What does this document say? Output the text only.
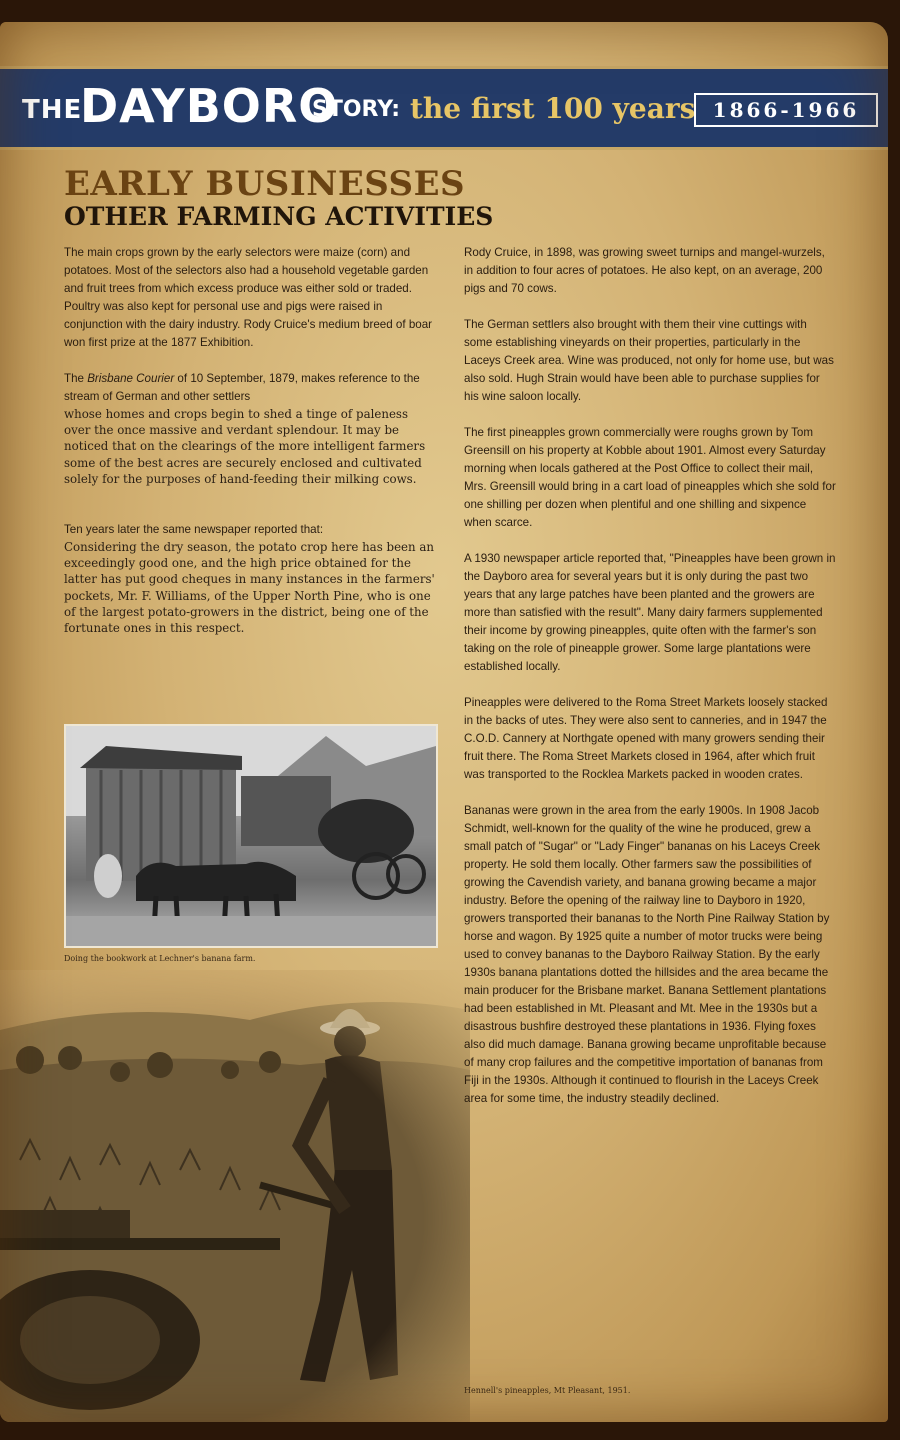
THE
DAYBORO
STORY: the first 100 years 1866-1966
EARLY BUSINESSES
OTHER FARMING ACTIVITIES

The main crops grown by the early selectors were maize (corn) and potatoes. Most of the selectors also had a household vegetable garden and fruit trees from which excess produce was either sold or traded. Poultry was also kept for personal use and pigs were raised in conjunction with the dairy industry. Rody Cruice's medium breed of boar won first prize at the 1877 Exhibition.

The Brisbane Courier of 10 September, 1879, makes reference to the stream of German and other settlers

whose homes and crops begin to shed a tinge of paleness over the once massive and verdant splendour. It may be noticed that on the clearings of the more intelligent farmers some of the best acres are securely enclosed and cultivated solely for the purposes of hand-feeding their milking cows.

Ten years later the same newspaper reported that:

Considering the dry season, the potato crop here has been an exceedingly good one, and the high price obtained for the latter has put good cheques in many instances in the farmers' pockets, Mr. F. Williams, of the Upper North Pine, who is one of the largest potato-growers in the district, being one of the fortunate ones in this respect.

Doing the bookwork at Lechner's banana farm.

Rody Cruice, in 1898, was growing sweet turnips and mangel-wurzels, in addition to four acres of potatoes. He also kept, on an average, 200 pigs and 70 cows.

The German settlers also brought with them their vine cuttings with some establishing vineyards on their properties, particularly in the Laceys Creek area. Wine was produced, not only for home use, but was also sold. Hugh Strain would have been able to purchase supplies for his wine saloon locally.

The first pineapples grown commercially were roughs grown by Tom Greensill on his property at Kobble about 1901. Almost every Saturday morning when locals gathered at the Post Office to collect their mail, Mrs. Greensill would bring in a cart load of pineapples which she sold for one shilling per dozen when plentiful and one shilling and sixpence when scarce.

A 1930 newspaper article reported that, "Pineapples have been grown in the Dayboro area for several years but it is only during the past two years that any large patches have been planted and the growers are more than satisfied with the result". Many dairy farmers supplemented their income by growing pineapples, quite often with the farmer's son taking on the role of pineapple grower. Some large plantations were established locally.

Pineapples were delivered to the Roma Street Markets loosely stacked in the backs of utes. They were also sent to canneries, and in 1947 the C.O.D. Cannery at Northgate opened with many growers sending their fruit there. The Roma Street Markets closed in 1964, after which fruit was transported to the Rocklea Markets packed in wooden crates.

Bananas were grown in the area from the early 1900s. In 1908 Jacob Schmidt, well-known for the quality of the wine he produced, grew a small patch of "Sugar" or "Lady Finger" bananas on his Laceys Creek property. He sold them locally. Other farmers saw the possibilities of growing the Cavendish variety, and banana growing became a major industry. Before the opening of the railway line to Dayboro in 1920, growers transported their bananas to the North Pine Railway Station by horse and wagon. By 1925 quite a number of motor trucks were being used to convey bananas to the Dayboro Railway Station. By the early 1930s banana plantations dotted the hillsides and the area became the main producer for the Brisbane market. Banana Settlement plantations had been established in Mt. Pleasant and Mt. Mee in the 1930s but a disastrous bushfire destroyed these plantations in 1936. Flying foxes also did much damage. Banana growing became unprofitable because of many crop failures and the competitive importation of bananas from Fiji in the 1930s. Although it continued to flourish in the Laceys Creek area for some time, the industry steadily declined.

Hennell's pineapples, Mt Pleasant, 1951.
